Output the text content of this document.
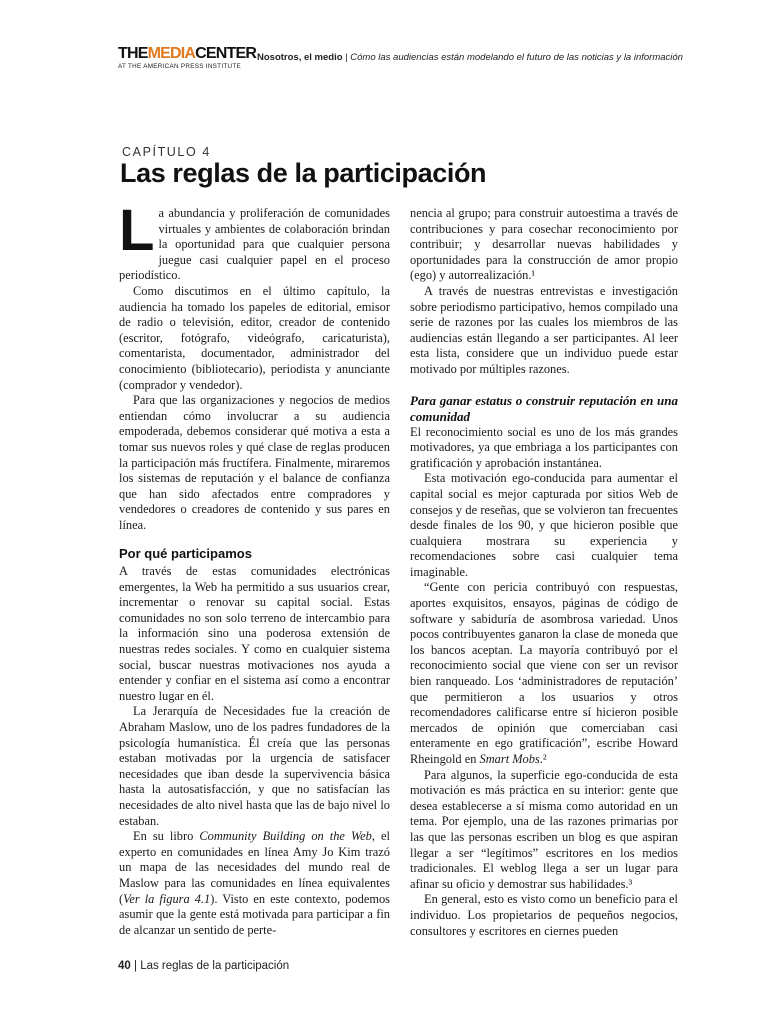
THEMEDIACENTER
AT THE AMERICAN PRESS INSTITUTE
Nosotros, el medio | Cómo las audiencias están modelando el futuro de las noticias y la información
CAPÍTULO 4
Las reglas de la participación

La abundancia y proliferación de comunidades virtuales y ambientes de colaboración brindan la oportunidad para que cualquier persona juegue casi cualquier papel en el proceso periodístico.

Como discutimos en el último capítulo, la audiencia ha tomado los papeles de editorial, emisor de radio o televisión, editor, creador de contenido (escritor, fotógrafo, videógrafo, caricaturista), comentarista, documentador, administrador del conocimiento (bibliotecario), periodista y anunciante (comprador y vendedor).

Para que las organizaciones y negocios de medios entiendan cómo involucrar a su audiencia empoderada, debemos considerar qué motiva a esta a tomar sus nuevos roles y qué clase de reglas producen la participación más fructífera. Finalmente, miraremos los sistemas de reputación y el balance de confianza que han sido afectados entre compradores y vendedores o creadores de contenido y sus pares en línea.

Por qué participamos

A través de estas comunidades electrónicas emergentes, la Web ha permitido a sus usuarios crear, incrementar o renovar su capital social. Estas comunidades no son solo terreno de intercambio para la información sino una poderosa extensión de nuestras redes sociales. Y como en cualquier sistema social, buscar nuestras motivaciones nos ayuda a entender y confiar en el sistema así como a encontrar nuestro lugar en él.

La Jerarquía de Necesidades fue la creación de Abraham Maslow, uno de los padres fundadores de la psicología humanística. Él creía que las personas estaban motivadas por la urgencia de satisfacer necesidades que iban desde la supervivencia básica hasta la autosatisfacción, y que no satisfacían las necesidades de alto nivel hasta que las de bajo nivel lo estaban.

En su libro Community Building on the Web, el experto en comunidades en línea Amy Jo Kim trazó un mapa de las necesidades del mundo real de Maslow para las comunidades en línea equivalentes (Ver la figura 4.1). Visto en este contexto, podemos asumir que la gente está motivada para participar a fin de alcanzar un sentido de perte-

nencia al grupo; para construir autoestima a través de contribuciones y para cosechar reconocimiento por contribuir; y desarrollar nuevas habilidades y oportunidades para la construcción de amor propio (ego) y autorrealización.¹

A través de nuestras entrevistas e investigación sobre periodismo participativo, hemos compilado una serie de razones por las cuales los miembros de las audiencias están llegando a ser participantes. Al leer esta lista, considere que un individuo puede estar motivado por múltiples razones.

Para ganar estatus o construir reputación en una comunidad

El reconocimiento social es uno de los más grandes motivadores, ya que embriaga a los participantes con gratificación y aprobación instantánea.

Esta motivación ego-conducida para aumentar el capital social es mejor capturada por sitios Web de consejos y de reseñas, que se volvieron tan frecuentes desde finales de los 90, y que hicieron posible que cualquiera mostrara su experiencia y recomendaciones sobre casi cualquier tema imaginable.

“Gente con pericia contribuyó con respuestas, aportes exquisitos, ensayos, páginas de código de software y sabiduría de asombrosa variedad. Unos pocos contribuyentes ganaron la clase de moneda que los bancos aceptan. La mayoría contribuyó por el reconocimiento social que viene con ser un revisor bien ranqueado. Los ‘administradores de reputación’ que permitieron a los usuarios y otros recomendadores calificarse entre sí hicieron posible mercados de opinión que comerciaban casi enteramente en ego gratificación”, escribe Howard Rheingold en Smart Mobs.²

Para algunos, la superficie ego-conducida de esta motivación es más práctica en su interior: gente que desea establecerse a sí misma como autoridad en un tema. Por ejemplo, una de las razones primarias por las que las personas escriben un blog es que aspiran llegar a ser “legítimos” escritores en los medios tradicionales. El weblog llega a ser un lugar para afinar su oficio y demostrar sus habilidades.³

En general, esto es visto como un beneficio para el individuo. Los propietarios de pequeños negocios, consultores y escritores en ciernes pueden

40 | Las reglas de la participación
